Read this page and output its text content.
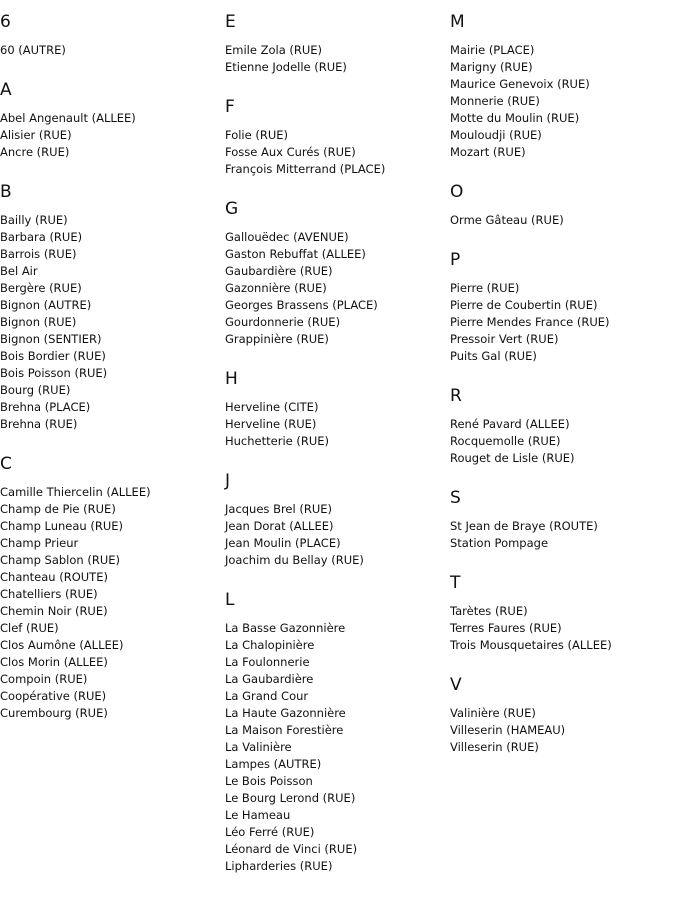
6
60 (AUTRE)
A
Abel Angenault (ALLEE)
Alisier (RUE)
Ancre (RUE)
B
Bailly (RUE)
Barbara (RUE)
Barrois (RUE)
Bel Air
Bergère (RUE)
Bignon (AUTRE)
Bignon (RUE)
Bignon (SENTIER)
Bois Bordier (RUE)
Bois Poisson (RUE)
Bourg (RUE)
Brehna (PLACE)
Brehna (RUE)
C
Camille Thiercelin (ALLEE)
Champ de Pie (RUE)
Champ Luneau (RUE)
Champ Prieur
Champ Sablon (RUE)
Chanteau (ROUTE)
Chatelliers (RUE)
Chemin Noir (RUE)
Clef (RUE)
Clos Aumône (ALLEE)
Clos Morin (ALLEE)
Compoin (RUE)
Coopérative (RUE)
Curembourg (RUE)
E
Emile Zola (RUE)
Etienne Jodelle (RUE)
F
Folie (RUE)
Fosse Aux Curés (RUE)
François Mitterrand (PLACE)
G
Gallouëdec (AVENUE)
Gaston Rebuffat (ALLEE)
Gaubardière (RUE)
Gazonnière (RUE)
Georges Brassens (PLACE)
Gourdonnerie (RUE)
Grappinière (RUE)
H
Herveline (CITE)
Herveline (RUE)
Huchetterie (RUE)
J
Jacques Brel (RUE)
Jean Dorat (ALLEE)
Jean Moulin (PLACE)
Joachim du Bellay (RUE)
L
La Basse Gazonnière
La Chalopinière
La Foulonnerie
La Gaubardière
La Grand Cour
La Haute Gazonnière
La Maison Forestière
La Valinière
Lampes (AUTRE)
Le Bois Poisson
Le Bourg Lerond (RUE)
Le Hameau
Léo Ferré (RUE)
Léonard de Vinci (RUE)
Lipharderies (RUE)
M
Mairie (PLACE)
Marigny (RUE)
Maurice Genevoix (RUE)
Monnerie (RUE)
Motte du Moulin (RUE)
Mouloudji (RUE)
Mozart (RUE)
O
Orme Gâteau (RUE)
P
Pierre (RUE)
Pierre de Coubertin (RUE)
Pierre Mendes France (RUE)
Pressoir Vert (RUE)
Puits Gal (RUE)
R
René Pavard (ALLEE)
Rocquemolle (RUE)
Rouget de Lisle (RUE)
S
St Jean de Braye (ROUTE)
Station Pompage
T
Tarètes (RUE)
Terres Faures (RUE)
Trois Mousquetaires (ALLEE)
V
Valinière (RUE)
Villeserin (HAMEAU)
Villeserin (RUE)
